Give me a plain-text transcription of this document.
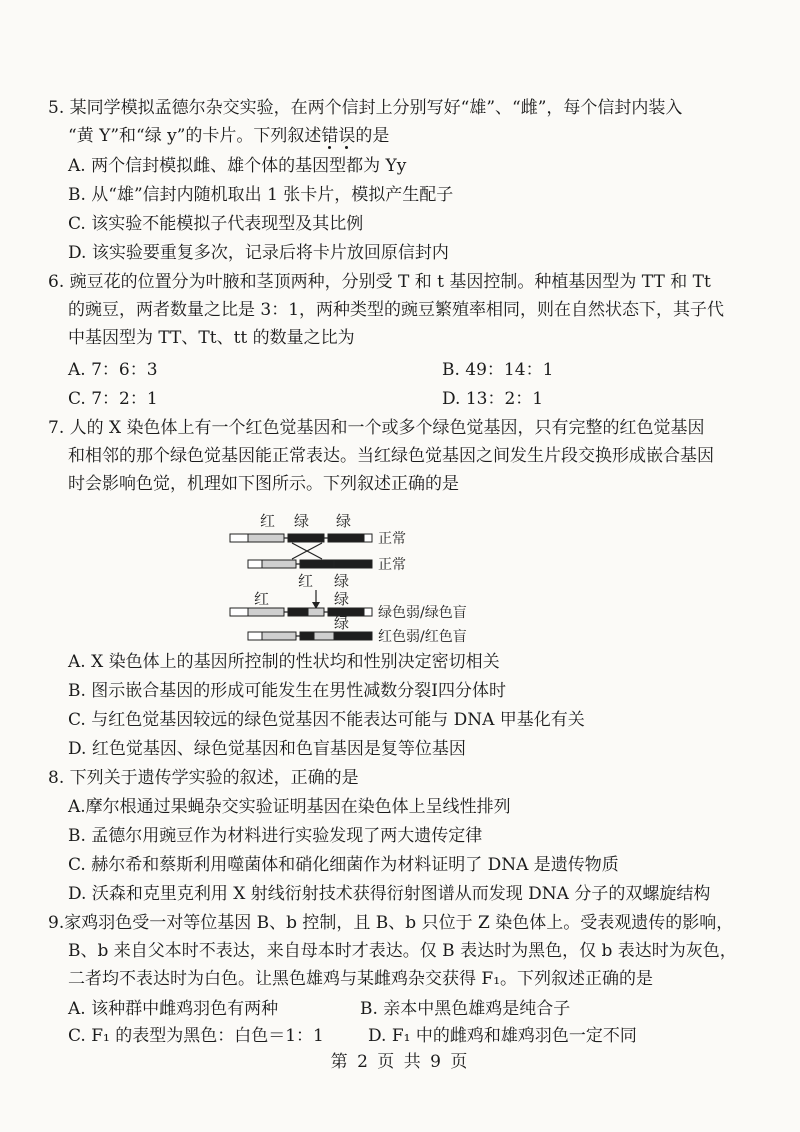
5. 某同学模拟孟德尔杂交实验，在两个信封上分别写好“雄”、“雌”，每个信封内装入
“黄 Y”和“绿 y”的卡片。下列叙述错误的是
A. 两个信封模拟雌、雄个体的基因型都为 Yy
B. 从“雄”信封内随机取出 1 张卡片，模拟产生配子
C. 该实验不能模拟子代表现型及其比例
D. 该实验要重复多次，记录后将卡片放回原信封内
6. 豌豆花的位置分为叶腋和茎顶两种，分别受 T 和 t 基因控制。种植基因型为 TT 和 Tt
的豌豆，两者数量之比是 3：1，两种类型的豌豆繁殖率相同，则在自然状态下，其子代
中基因型为 TT、Tt、tt 的数量之比为
A. 7：6：3	B. 49：14：1
C. 7：2：1	D. 13：2：1
7. 人的 X 染色体上有一个红色觉基因和一个或多个绿色觉基因，只有完整的红色觉基因
和相邻的那个绿色觉基因能正常表达。当红绿色觉基因之间发生片段交换形成嵌合基因
时会影响色觉，机理如下图所示。下列叙述正确的是
红 绿 绿
正常
正常
红 绿
红	绿
绿色弱/绿色盲
绿
红色弱/红色盲
A. X 染色体上的基因所控制的性状均和性别决定密切相关
B. 图示嵌合基因的形成可能发生在男性减数分裂Ⅰ四分体时
C. 与红色觉基因较远的绿色觉基因不能表达可能与 DNA 甲基化有关
D. 红色觉基因、绿色觉基因和色盲基因是复等位基因
8. 下列关于遗传学实验的叙述，正确的是
A.摩尔根通过果蝇杂交实验证明基因在染色体上呈线性排列
B. 孟德尔用豌豆作为材料进行实验发现了两大遗传定律
C. 赫尔希和蔡斯利用噬菌体和硝化细菌作为材料证明了 DNA 是遗传物质
D. 沃森和克里克利用 X 射线衍射技术获得衍射图谱从而发现 DNA 分子的双螺旋结构
9.家鸡羽色受一对等位基因 B、b 控制，且 B、b 只位于 Z 染色体上。受表观遗传的影响，
B、b 来自父本时不表达，来自母本时才表达。仅 B 表达时为黑色，仅 b 表达时为灰色，
二者均不表达时为白色。让黑色雄鸡与某雌鸡杂交获得 F₁。下列叙述正确的是
A. 该种群中雌鸡羽色有两种	B. 亲本中黑色雄鸡是纯合子
C. F₁ 的表型为黑色：白色＝1：1	D. F₁ 中的雌鸡和雄鸡羽色一定不同
第 2 页 共 9 页
